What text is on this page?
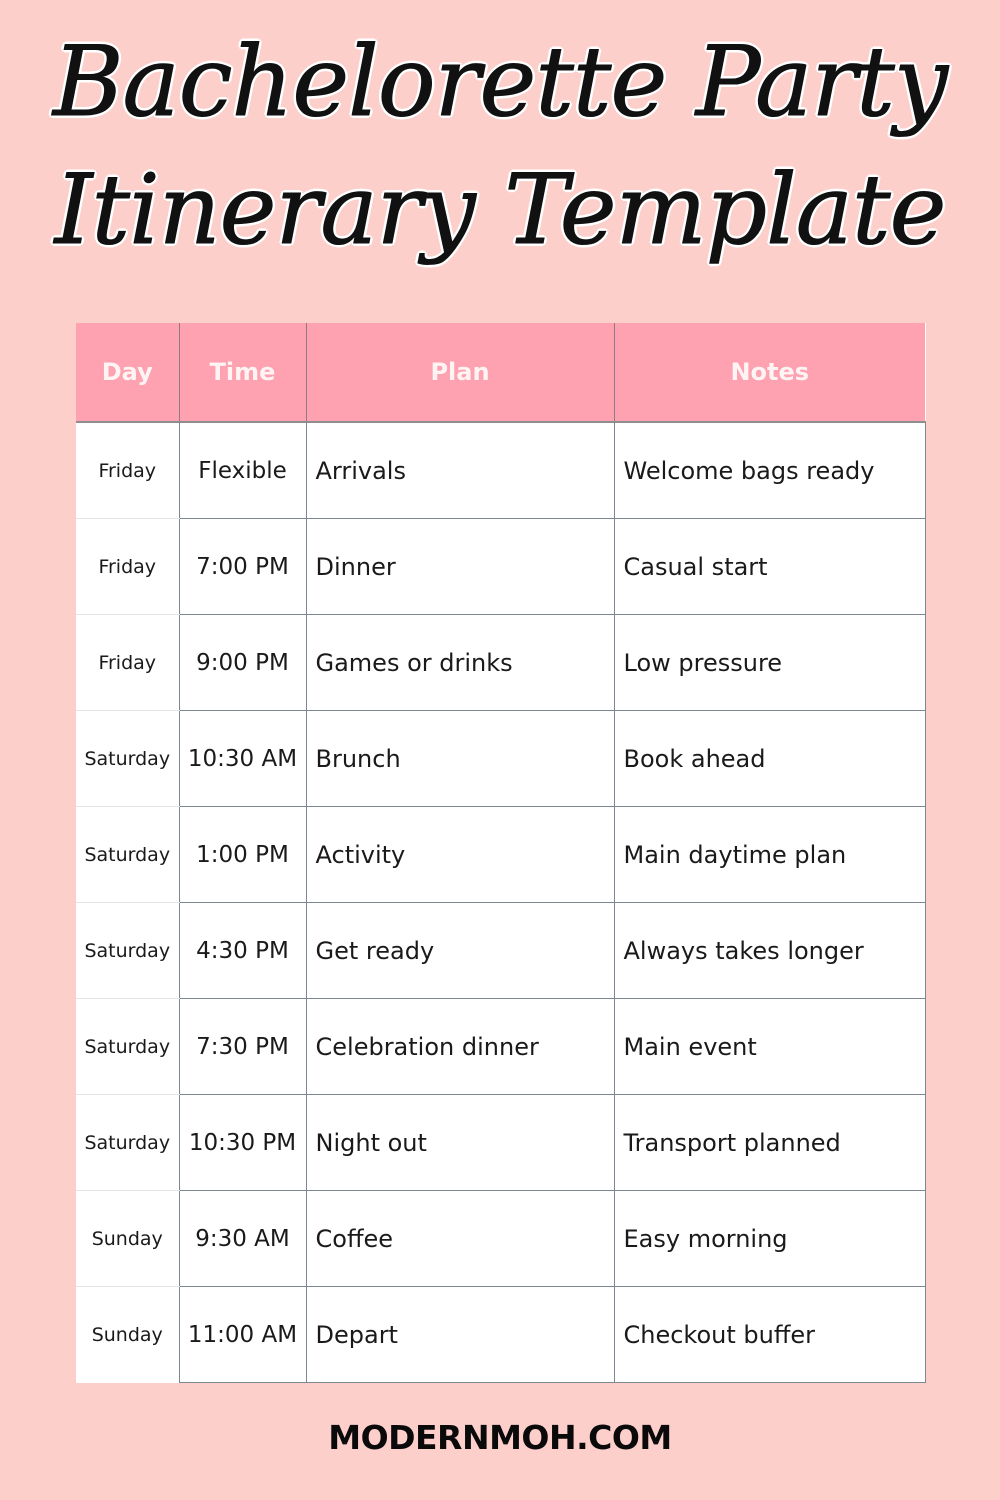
Bachelorette Party
Itinerary Template
Day	Time	Plan	Notes
Friday	Flexible	Arrivals	Welcome bags ready
Friday	7:00 PM	Dinner	Casual start
Friday	9:00 PM	Games or drinks	Low pressure
Saturday	10:30 AM	Brunch	Book ahead
Saturday	1:00 PM	Activity	Main daytime plan
Saturday	4:30 PM	Get ready	Always takes longer
Saturday	7:30 PM	Celebration dinner	Main event
Saturday	10:30 PM	Night out	Transport planned
Sunday	9:30 AM	Coffee	Easy morning
Sunday	11:00 AM	Depart	Checkout buffer
MODERNMOH.COM
